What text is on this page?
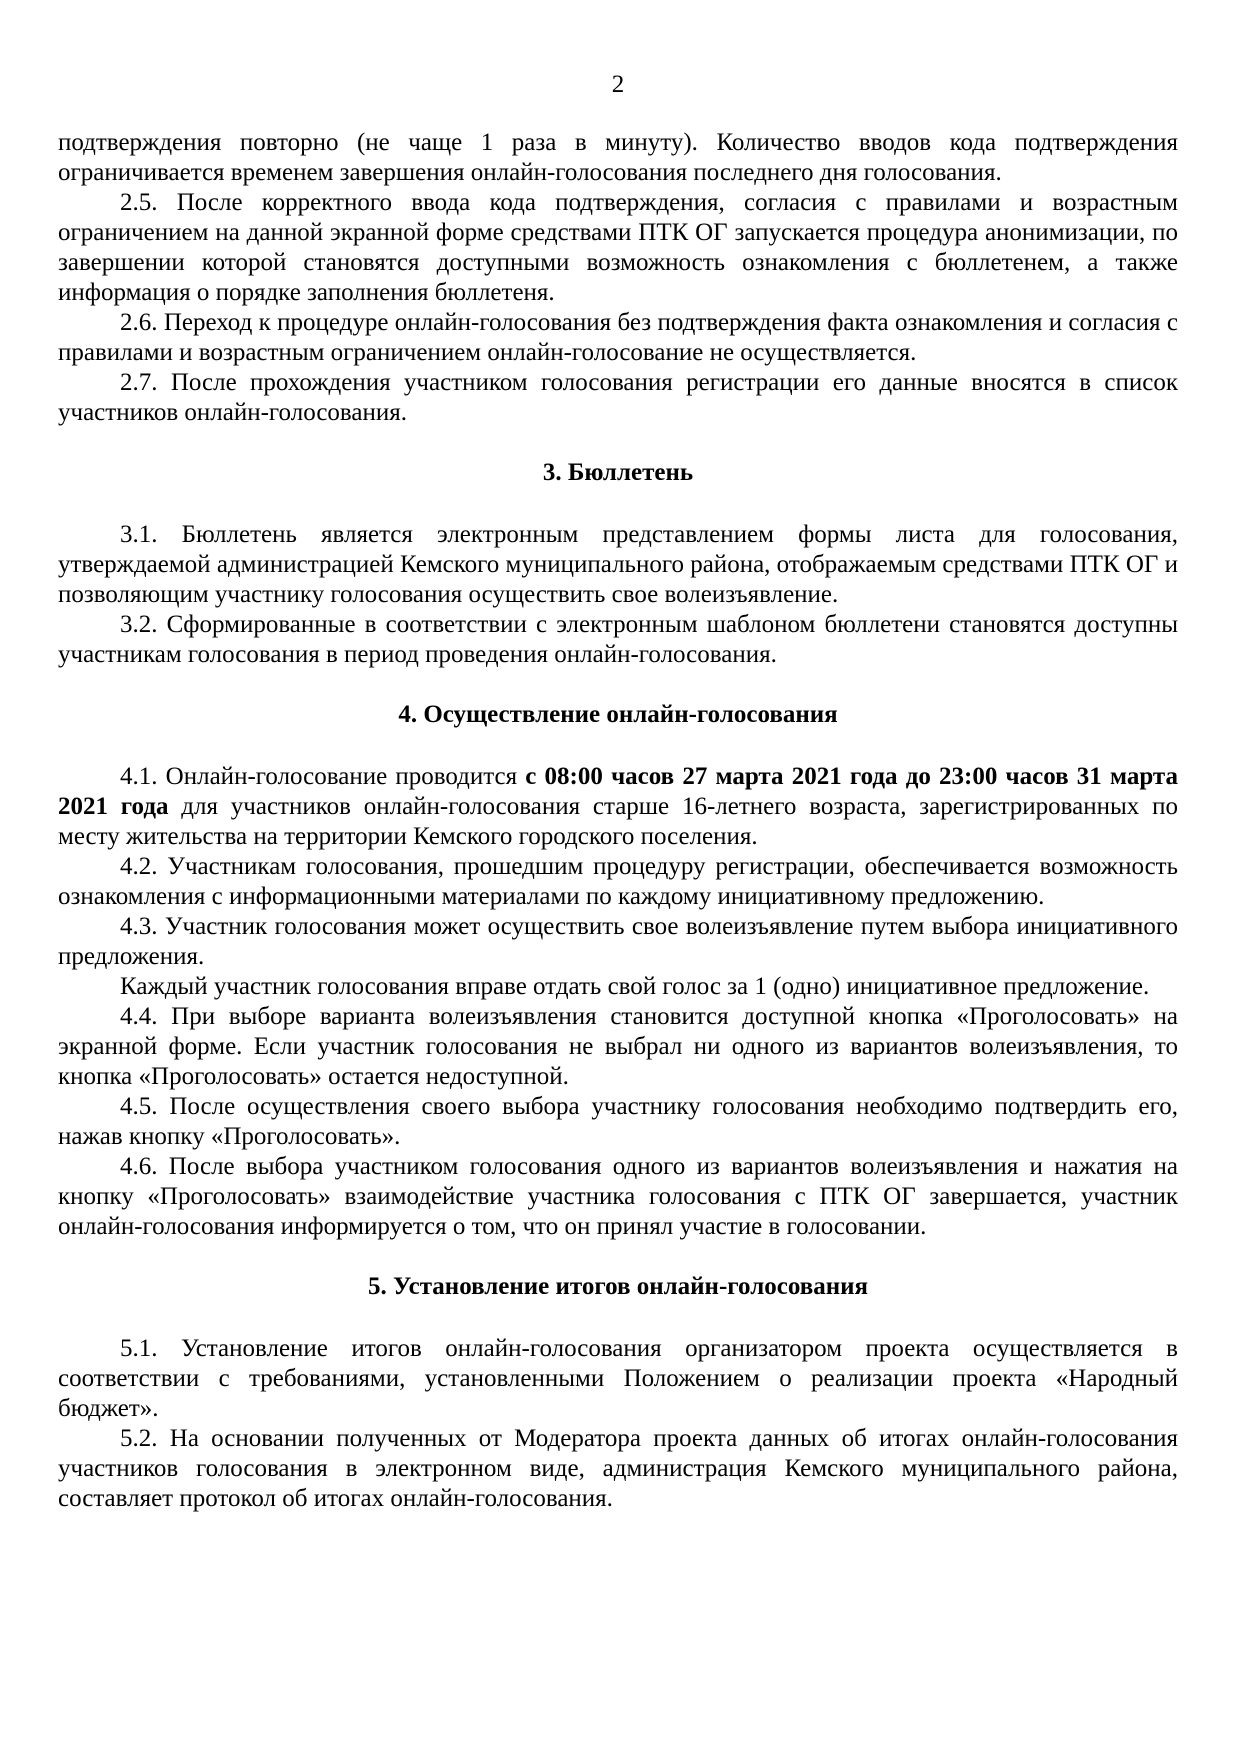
2

подтверждения повторно (не чаще 1 раза в минуту). Количество вводов кода подтверждения ограничивается временем завершения онлайн-голосования последнего дня голосования.

2.5. После корректного ввода кода подтверждения, согласия с правилами и возрастным ограничением на данной экранной форме средствами ПТК ОГ запускается процедура анонимизации, по завершении которой становятся доступными возможность ознакомления с бюллетенем, а также информация о порядке заполнения бюллетеня.

2.6. Переход к процедуре онлайн-голосования без подтверждения факта ознакомления и согласия с правилами и возрастным ограничением онлайн-голосование не осуществляется.

2.7. После прохождения участником голосования регистрации его данные вносятся в список участников онлайн-голосования.

3. Бюллетень

3.1. Бюллетень является электронным представлением формы листа для голосования, утверждаемой администрацией Кемского муниципального района, отображаемым средствами ПТК ОГ и позволяющим участнику голосования осуществить свое волеизъявление.

3.2. Сформированные в соответствии с электронным шаблоном бюллетени становятся доступны участникам голосования в период проведения онлайн-голосования.

4. Осуществление онлайн-голосования

4.1. Онлайн-голосование проводится с 08:00 часов 27 марта 2021 года до 23:00 часов 31 марта 2021 года для участников онлайн-голосования старше 16-летнего возраста, зарегистрированных по месту жительства на территории Кемского городского поселения.

4.2. Участникам голосования, прошедшим процедуру регистрации, обеспечивается возможность ознакомления с информационными материалами по каждому инициативному предложению.

4.3. Участник голосования может осуществить свое волеизъявление путем выбора инициативного предложения.

Каждый участник голосования вправе отдать свой голос за 1 (одно) инициативное предложение.

4.4. При выборе варианта волеизъявления становится доступной кнопка «Проголосовать» на экранной форме. Если участник голосования не выбрал ни одного из вариантов волеизъявления, то кнопка «Проголосовать» остается недоступной.

4.5. После осуществления своего выбора участнику голосования необходимо подтвердить его, нажав кнопку «Проголосовать».

4.6. После выбора участником голосования одного из вариантов волеизъявления и нажатия на кнопку «Проголосовать» взаимодействие участника голосования с ПТК ОГ завершается, участник онлайн-голосования информируется о том, что он принял участие в голосовании.

5. Установление итогов онлайн-голосования

5.1. Установление итогов онлайн-голосования организатором проекта осуществляется в соответствии с требованиями, установленными Положением о реализации проекта «Народный бюджет».

5.2. На основании полученных от Модератора проекта данных об итогах онлайн-голосования участников голосования в электронном виде, администрация Кемского муниципального района, составляет протокол об итогах онлайн-голосования.
